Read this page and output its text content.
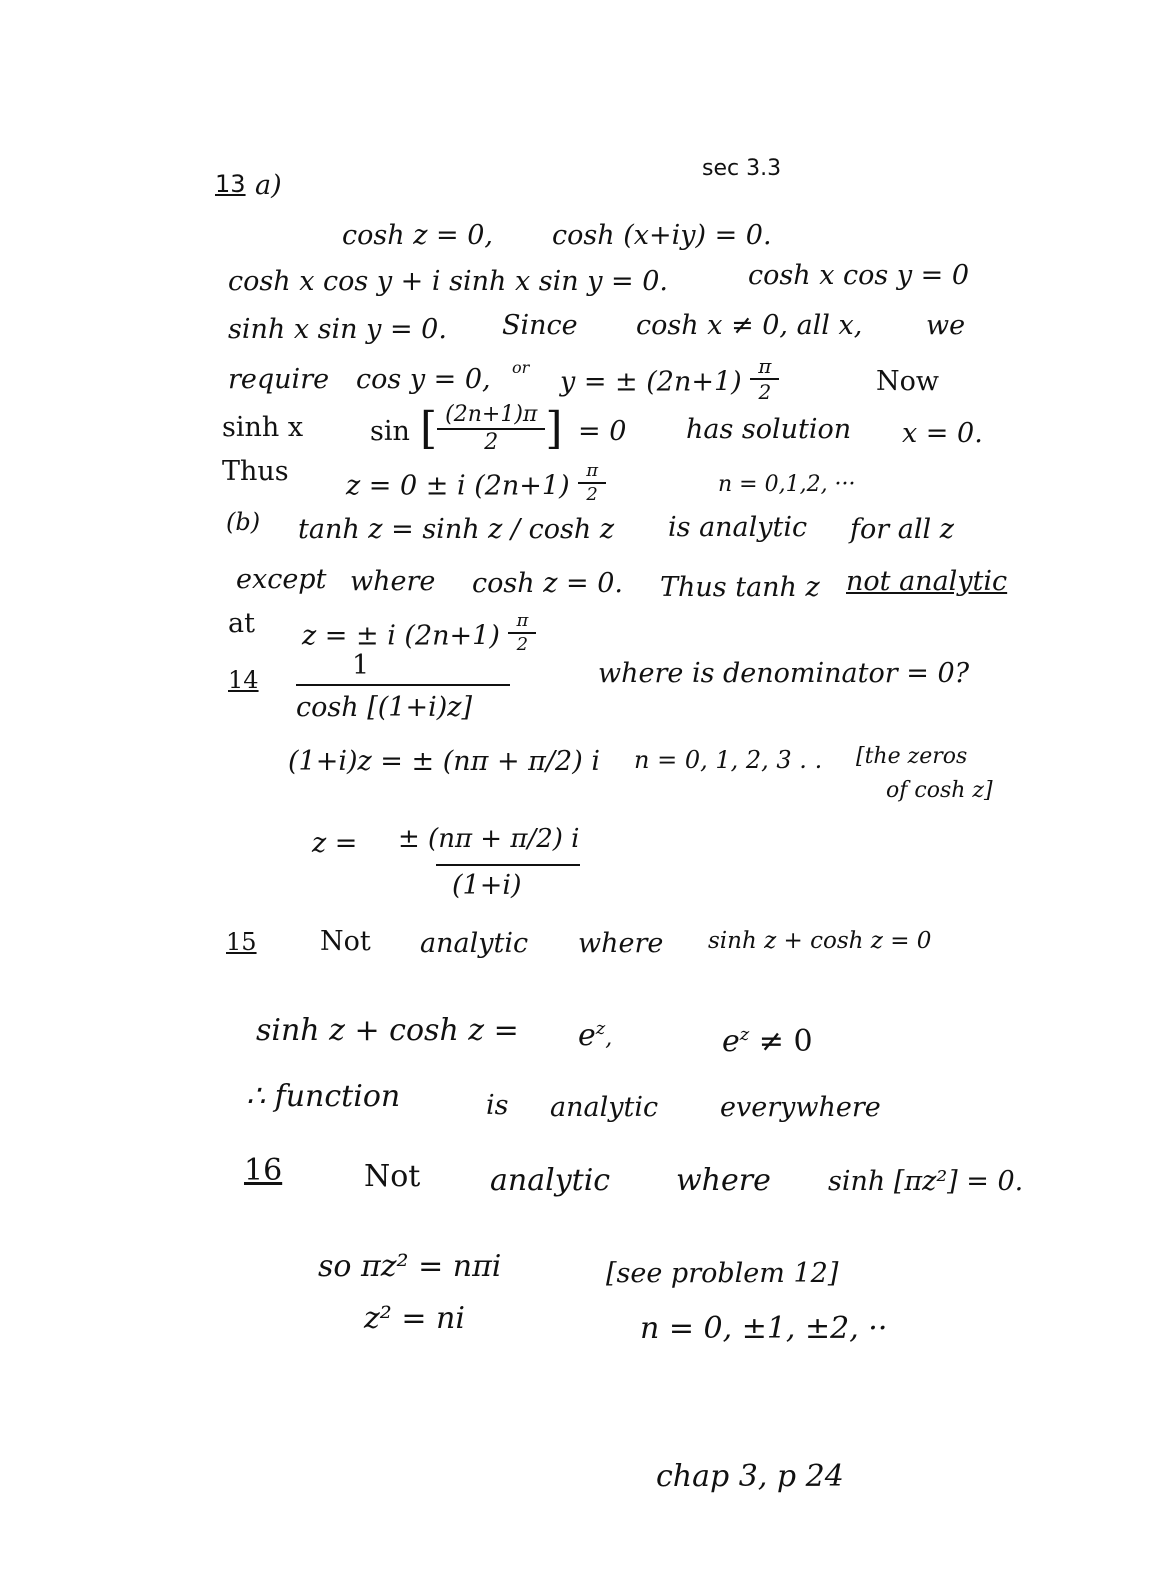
13 a)
sec 3.3
cosh z = 0, cosh (x+iy) = 0.
cosh x cos y + i sinh x sin y = 0.	cosh x cos y = 0
sinh x sin y = 0. Since cosh x ≠ 0, all x, we
require cos y = 0, or y = ± $(2n+1) \frac{\pi}{2}$	Now
sinh x sin [ $\frac{(2n+1)\pi}{2}$ ] = 0 has solution x = 0.
Thus z = 0 ± i $(2n+1) \frac{\pi}{2}$	n = 0,1,2, ···
(b) tanh z = sinh z / cosh z is analytic for all z
except where cosh z = 0. Thus tanh z not analytic
at z = ± i $(2n+1) \frac{\pi}{2}$
14	1
cosh [(1+i)z]
where is denominator = 0?
(1+i)z = ± (nπ + π/2) i n = 0, 1, 2, 3 . . [the zeros
of cosh z]
z = ± (nπ + π/2) i
(1+i)
15 Not analytic where sinh z + cosh z = 0
$\sinh z + \cosh z = e^z$,	$e^z \ne 0$
∴ function	is analytic everywhere
16	Not analytic where sinh [πz²] = 0.
so πz² = nπi	[see problem 12]
z² = ni	n = 0, ±1, ±2, ··
chap 3, p 24
